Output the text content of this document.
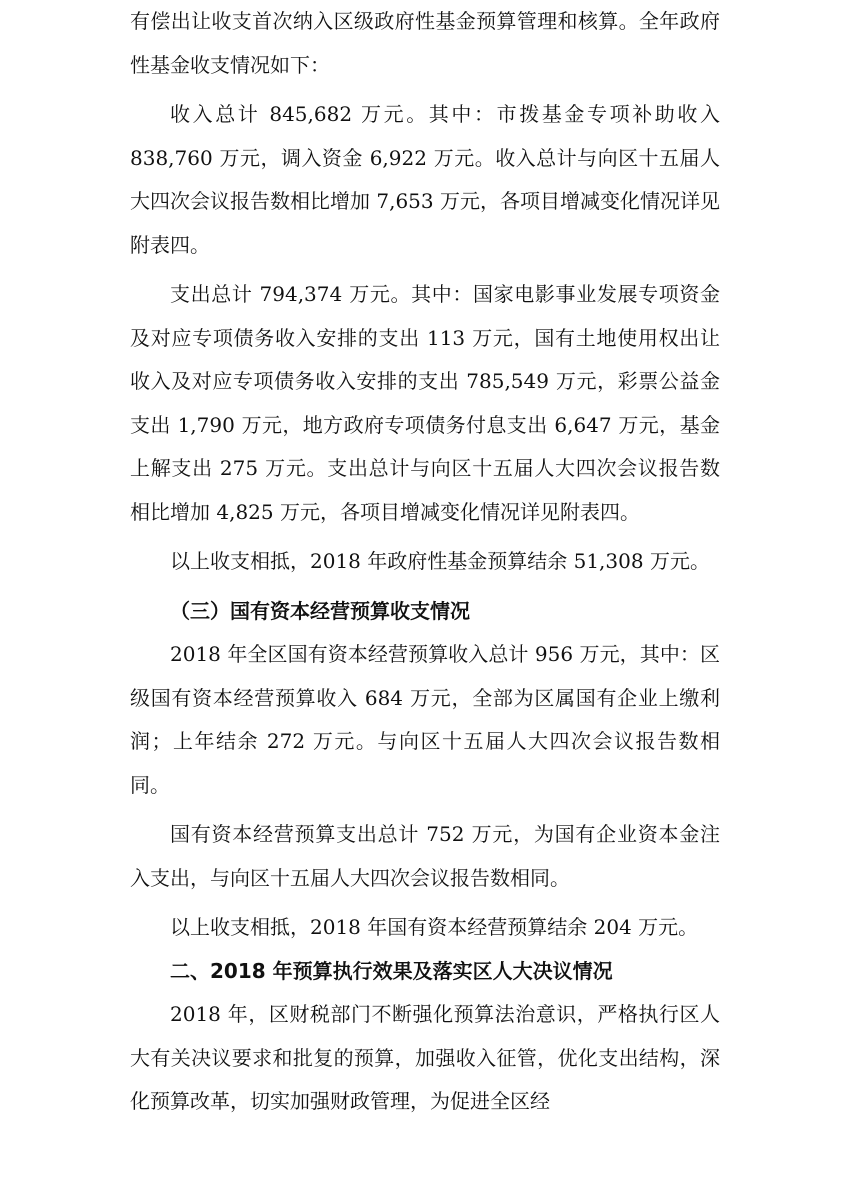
有偿出让收支首次纳入区级政府性基金预算管理和核算。全年政府性基金收支情况如下：

收入总计 845,682 万元。其中：市拨基金专项补助收入 838,760 万元，调入资金 6,922 万元。收入总计与向区十五届人大四次会议报告数相比增加 7,653 万元，各项目增减变化情况详见附表四。

支出总计 794,374 万元。其中：国家电影事业发展专项资金及对应专项债务收入安排的支出 113 万元，国有土地使用权出让收入及对应专项债务收入安排的支出 785,549 万元，彩票公益金支出 1,790 万元，地方政府专项债务付息支出 6,647 万元，基金上解支出 275 万元。支出总计与向区十五届人大四次会议报告数相比增加 4,825 万元，各项目增减变化情况详见附表四。

以上收支相抵，2018 年政府性基金预算结余 51,308 万元。

（三）国有资本经营预算收支情况

2018 年全区国有资本经营预算收入总计 956 万元，其中：区级国有资本经营预算收入 684 万元，全部为区属国有企业上缴利润；上年结余 272 万元。与向区十五届人大四次会议报告数相同。

国有资本经营预算支出总计 752 万元，为国有企业资本金注入支出，与向区十五届人大四次会议报告数相同。

以上收支相抵，2018 年国有资本经营预算结余 204 万元。

二、2018 年预算执行效果及落实区人大决议情况

2018 年，区财税部门不断强化预算法治意识，严格执行区人大有关决议要求和批复的预算，加强收入征管，优化支出结构，深化预算改革，切实加强财政管理，为促进全区经
